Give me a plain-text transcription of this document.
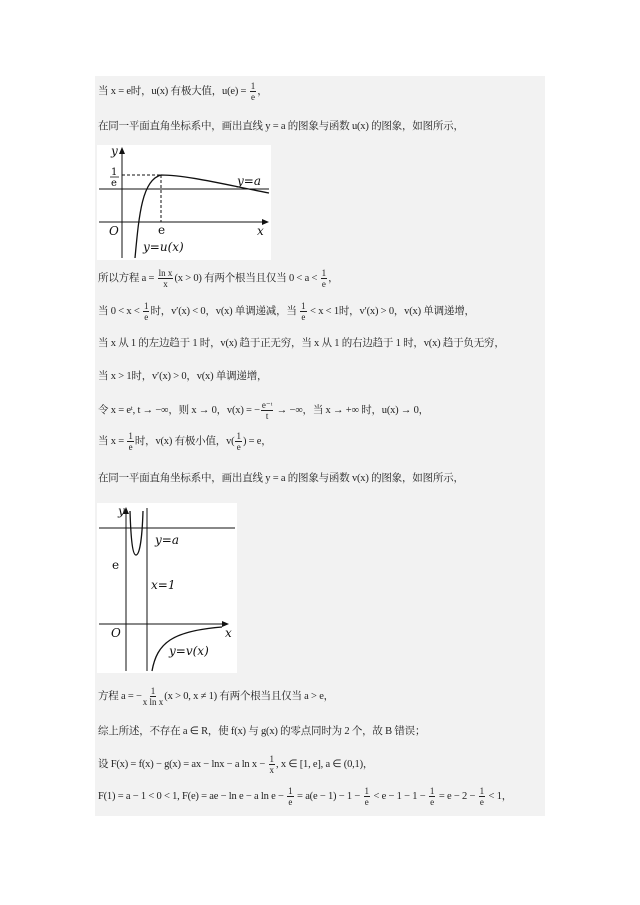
当 x = e时，u(x) 有极大值，$u(e) = \frac{1}{e}$ ，
在同一平面直角坐标系中，画出直线 y = a 的图象与函数 u(x) 的图象，如图所示，
所以方程 $a = \frac{\text{ln x}}{x} (x > 0)$ 有两个根当且仅当 $0 < a < \frac{1}{e}$ ，
当 $0 < x < \frac{1}{e}$ 时，v′(x) < 0，v(x) 单调递减，当 $\frac{1}{e} < x < 1$时，v′(x) > 0，v(x) 单调递增，
当 x 从 1 的左边趋于 1 时，v(x) 趋于正无穷，当 x 从 1 的右边趋于 1 时，v(x) 趋于负无穷，
当 x > 1时，v′(x) > 0，v(x) 单调递增，
令 x = eᵗ, t → −∞，则 x → 0，v(x) = − $\frac{\text{e⁻ᵗ}}{t}$ → −∞，当 x → +∞ 时，u(x) → 0，
当 $x = \frac{1}{e}$ 时，v(x) 有极小值，$v( \frac{1}{e}$ ) = e，
在同一平面直角坐标系中，画出直线 y = a 的图象与函数 v(x) 的图象，如图所示，
方程 a = − $\frac{1}{\text{x ln x}} (x > 0$, x ≠ 1) 有两个根当且仅当 a > e，
综上所述，不存在 a ∈ R，使 f(x) 与 g(x) 的零点同时为 2 个，故 B 错误；
设 F(x) = f(x) − g(x) = ax − lnx − a $\ln x - \frac{1}{x}$ , x ∈ [1, e], a ∈ (0,1)，
F(1) = a − 1 < 0 < 1, F(e) = ae − ln e − a $\ln e - \frac{1}{e} = a(e - 1) - 1 - \frac{1}{e} < e - 1 - 1 - \frac{1}{e} = e - 2 - \frac{1}{e} < 1$，
y
x
O
1
e
e
y=a
y=u(x)
y
x
O
e
y=a
x=1
y=v(x)
